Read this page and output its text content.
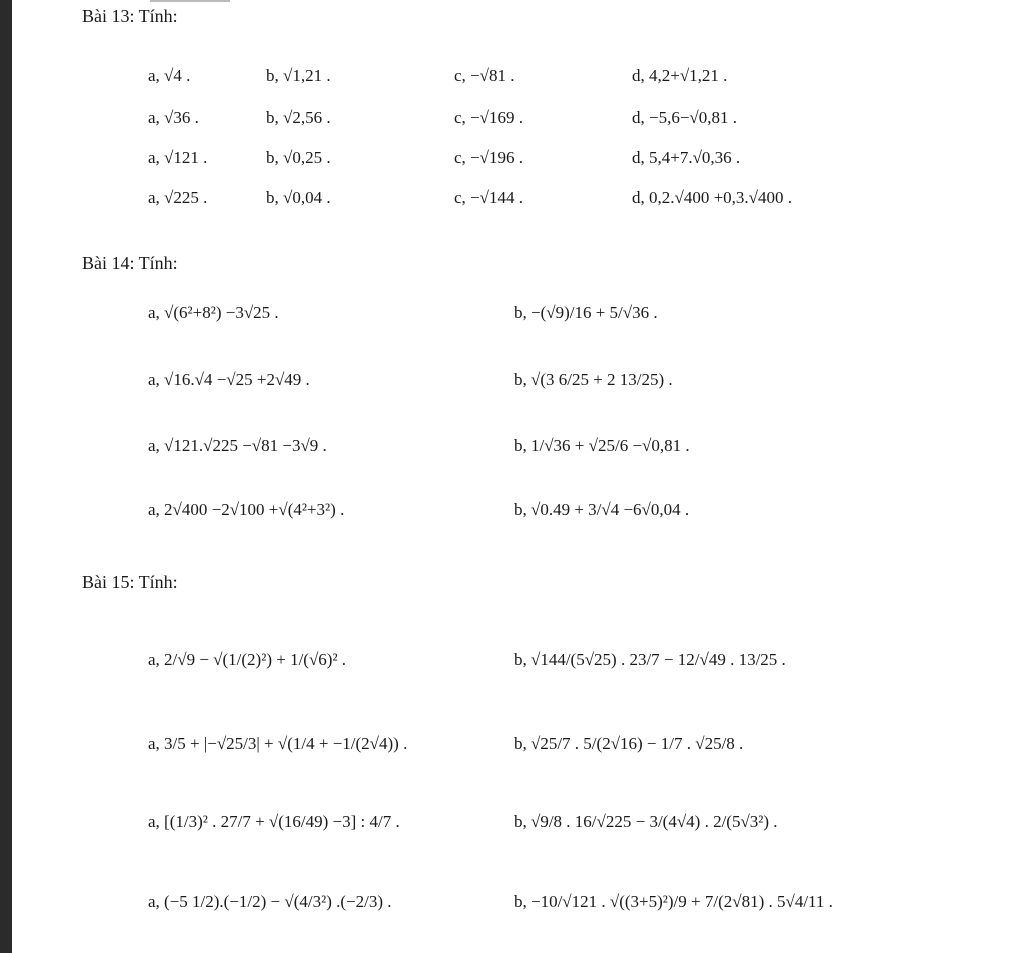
Bài 13: Tính:
a, √4 .	b, √1,21 .	c, −√81 .	d, 4,2+√1,21 .
a, √36 .	b, √2,56 .	c, −√169 .	d, −5,6−√0,81 .
a, √121 .	b, √0,25 .	c, −√196 .	d, 5,4+7.√0,36 .
a, √225 .	b, √0,04 .	c, −√144 .	d, 0,2.√400 +0,3.√400 .
Bài 14: Tính:
a, √(6²+8²) −3√25 .	b, −(√9)/16 + 5/√36 .
a, √16.√4 −√25 +2√49 .	b, √(3 6/25 + 2 13/25) .
a, √121.√225 −√81 −3√9 .	b, 1/√36 + √25/6 −√0,81 .
a, 2√400 −2√100 +√(4²+3²) .	b, √0.49 + 3/√4 −6√0,04 .
Bài 15: Tính:
a, 2/√9 − √(1/(2)²) + 1/(√6)² .	b, √144/(5√25) . 23/7 − 12/√49 . 13/25 .
a, 3/5 + |−√25/3| + √(1/4 + −1/(2√4)) .	b, √25/7 . 5/(2√16) − 1/7 . √25/8 .
a, [(1/3)² . 27/7 + √(16/49) −3] : 4/7 .	b, √9/8 . 16/√225 − 3/(4√4) . 2/(5√3²) .
a, (−5 1/2).(−1/2) − √(4/3²) .(−2/3) .	b, −10/√121 . √((3+5)²)/9 + 7/(2√81) . 5√4/11 .
